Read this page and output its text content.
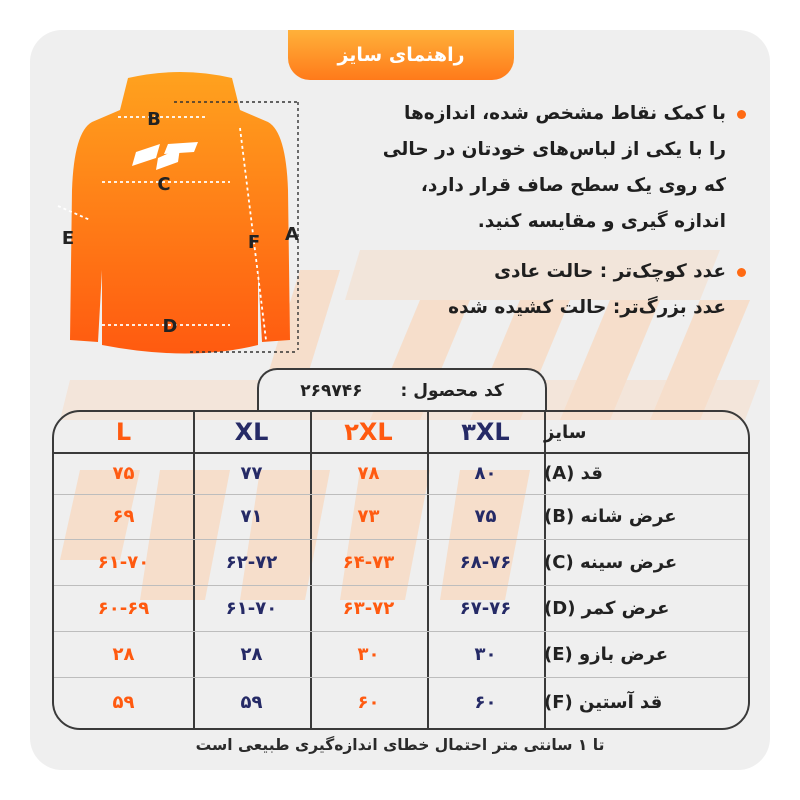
راهنمای سایز
B
C
D
E	F A
با کمک نقاط مشخص شده، اندازه‌ها
را با یکی از لباس‌های خودتان در حالی
که روی یک سطح صاف قرار دارد،
اندازه گیری و مقایسه کنید.
عدد کوچک‌تر : حالت عادی
عدد بزرگ‌تر: حالت کشیده شده
کد محصول :
۲۶۹۷۴۶
L	XL	۲XL	۳XL	سایز
۷۵	۷۷	۷۸	۸۰	قد (A)
۶۹	۷۱	۷۳	۷۵	عرض شانه (B)
۶۱-۷۰	۶۲-۷۲	۶۴-۷۳	۶۸-۷۶	عرض سینه (C)
۶۰-۶۹	۶۱-۷۰	۶۳-۷۲	۶۷-۷۶	عرض کمر (D)
۲۸	۲۸	۳۰	۳۰	عرض بازو (E)
۵۹	۵۹	۶۰	۶۰	قد آستین (F)
تا ۱ سانتی متر احتمال خطای اندازه‌گیری طبیعی است
